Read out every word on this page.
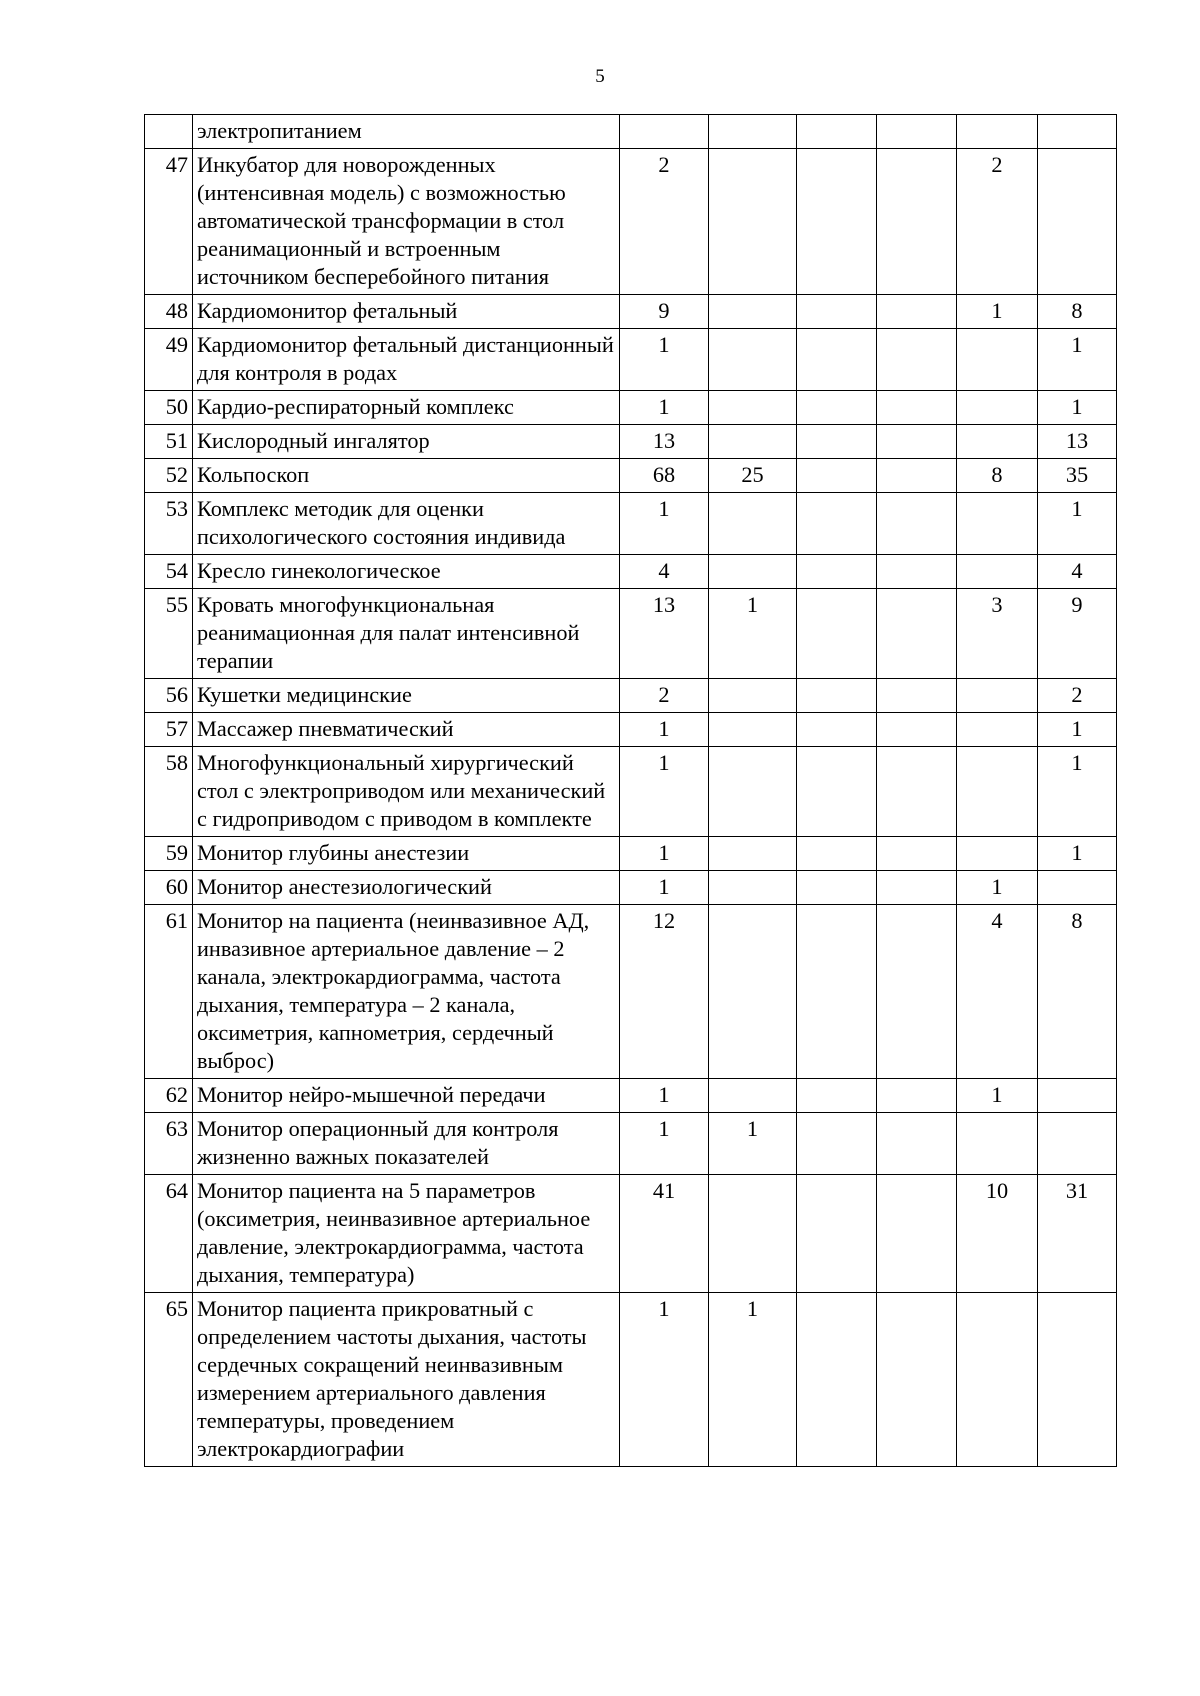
5
	электропитанием						
47	Инкубатор для новорожденных (интенсивная модель) с возможностью автоматической трансформации в стол реанимационный и встроенным источником бесперебойного питания	2				2	
48	Кардиомонитор фетальный	9				1	8
49	Кардиомонитор фетальный дистанционный для контроля в родах	1					1
50	Кардио-респираторный комплекс	1					1
51	Кислородный ингалятор	13					13
52	Кольпоскоп	68	25			8	35
53	Комплекс методик для оценки психологического состояния индивида	1					1
54	Кресло гинекологическое	4					4
55	Кровать многофункциональная реанимационная для палат интенсивной терапии	13	1			3	9
56	Кушетки медицинские	2					2
57	Массажер пневматический	1					1
58	Многофункциональный хирургический стол с электроприводом или механический с гидроприводом с приводом в комплекте	1					1
59	Монитор глубины анестезии	1					1
60	Монитор анестезиологический	1				1	
61	Монитор на пациента (неинвазивное АД, инвазивное артериальное давление – 2 канала, электрокардиограмма, частота дыхания, температура – 2 канала, оксиметрия, капнометрия, сердечный выброс)	12				4	8
62	Монитор нейро-мышечной передачи	1				1	
63	Монитор операционный для контроля жизненно важных показателей	1	1				
64	Монитор пациента на 5 параметров (оксиметрия, неинвазивное артериальное давление, электрокардиограмма, частота дыхания, температура)	41				10	31
65	Монитор пациента прикроватный с определением частоты дыхания, частоты сердечных сокращений неинвазивным измерением артериального давления температуры, проведением электрокардиографии	1	1				
